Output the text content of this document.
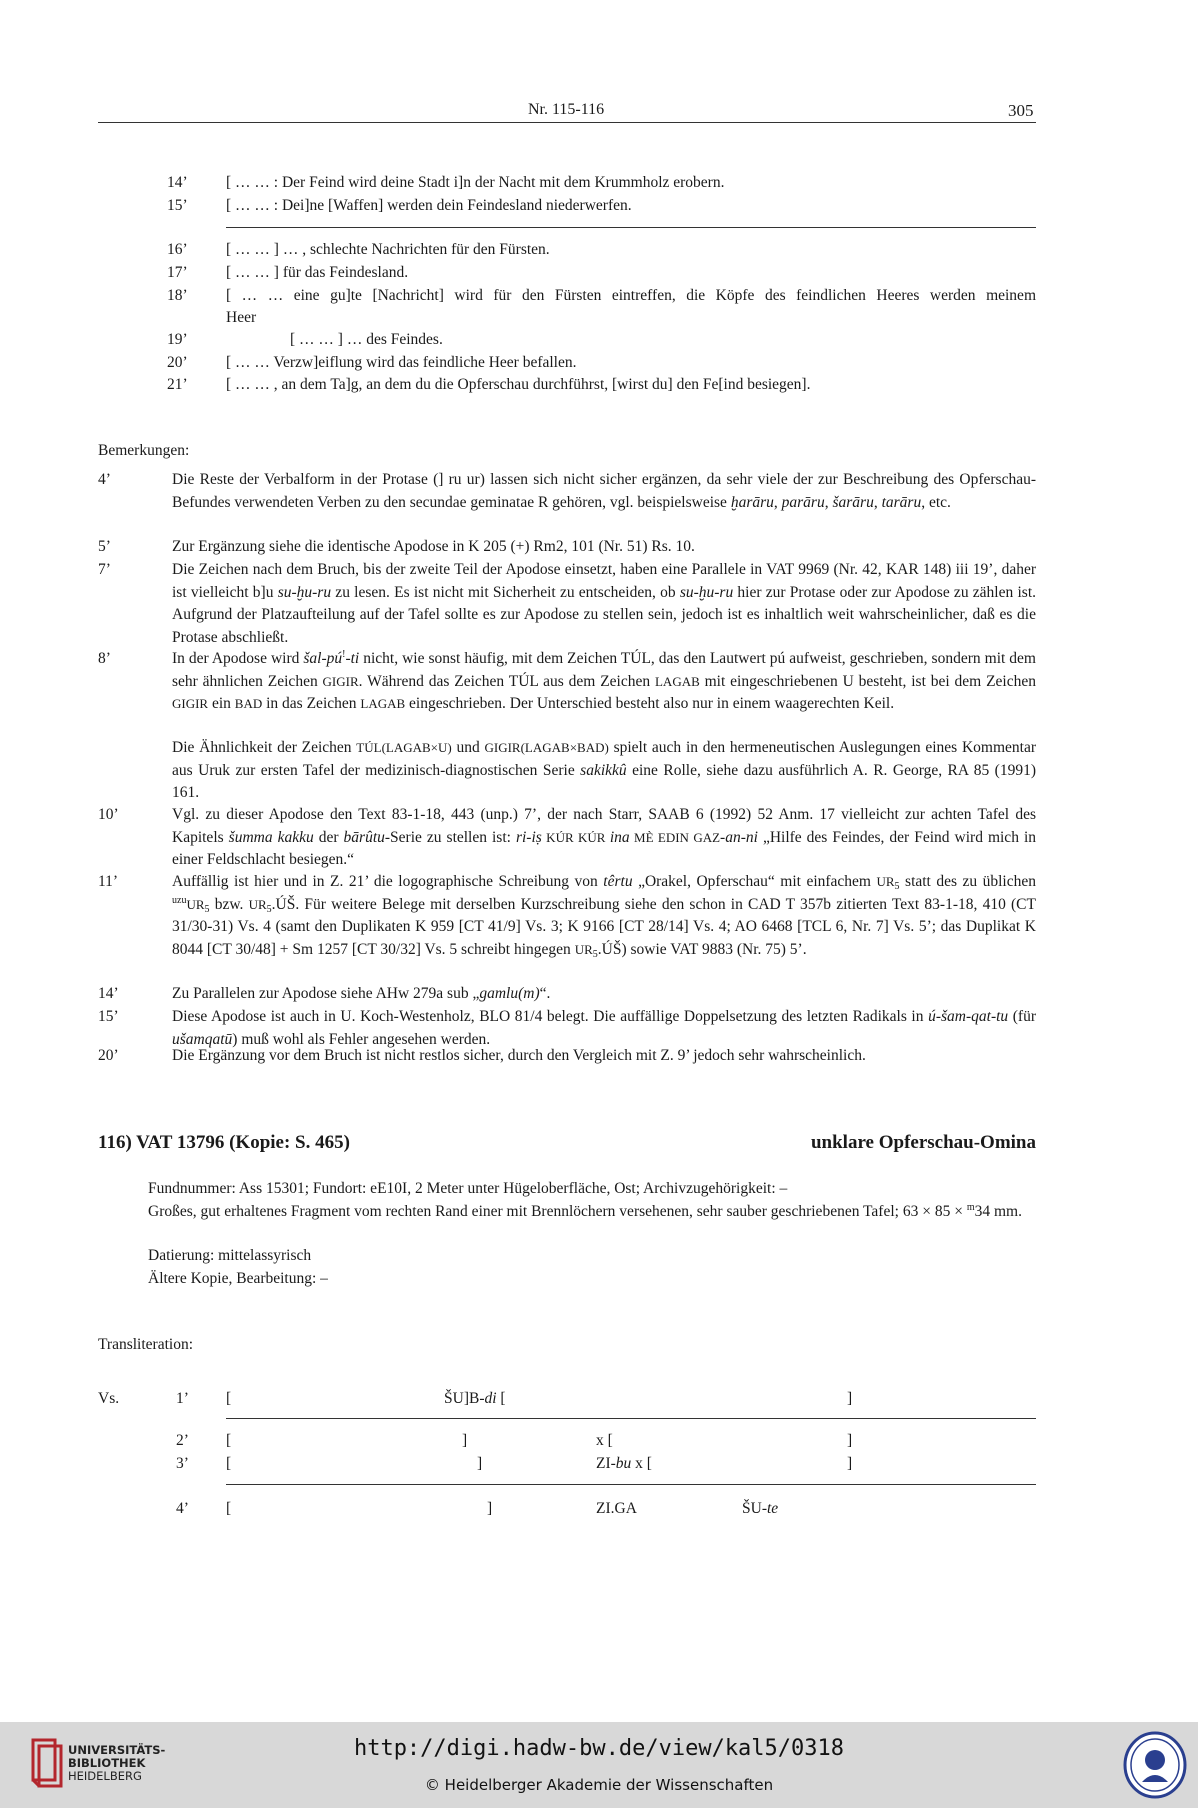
Nr. 115-116	305
14’ [ … … : Der Feind wird deine Stadt i]n der Nacht mit dem Krummholz erobern.
15’ [ … … : Dei]ne [Waffen] werden dein Feindesland niederwerfen.
16’ [ … … ] … , schlechte Nachrichten für den Fürsten.
17’ [ … … ] für das Feindesland.
18’ [ … … eine gu]te [Nachricht] wird für den Fürsten eintreffen, die Köpfe des feindlichen Heeres werden meinem
Heer
19’	[ … … ] … des Feindes.
20’ [ … … Verzw]eiflung wird das feindliche Heer befallen.
21’ [ … … , an dem Ta]g, an dem du die Opferschau durchführst, [wirst du] den Fe[ind besiegen].
Bemerkungen:
4’	Die Reste der Verbalform in der Protase (] ru ur) lassen sich nicht sicher ergänzen, da sehr viele der zur Beschreibung des Opferschau-Befundes verwendeten Verben zu den secundae geminatae R gehören, vgl. beispielsweise ḫarāru, parāru, šarāru, tarāru, etc.
5’	Zur Ergänzung siehe die identische Apodose in K 205 (+) Rm2, 101 (Nr. 51) Rs. 10.
7’	Die Zeichen nach dem Bruch, bis der zweite Teil der Apodose einsetzt, haben eine Parallele in VAT 9969 (Nr. 42, KAR 148) iii 19’, daher ist vielleicht b]u su-ḫu-ru zu lesen. Es ist nicht mit Sicherheit zu entscheiden, ob su-ḫu-ru hier zur Protase oder zur Apodose zu zählen ist. Aufgrund der Platzaufteilung auf der Tafel sollte es zur Apodose zu stellen sein, jedoch ist es inhaltlich weit wahrscheinlicher, daß es die Protase abschließt.
8’	In der Apodose wird šal-pú!-ti nicht, wie sonst häufig, mit dem Zeichen TÚL, das den Lautwert pú aufweist, geschrieben, sondern mit dem sehr ähnlichen Zeichen GIGIR. Während das Zeichen TÚL aus dem Zeichen LAGAB mit eingeschriebenen U besteht, ist bei dem Zeichen GIGIR ein BAD in das Zeichen LAGAB eingeschrieben. Der Unterschied besteht also nur in einem waagerechten Keil.
Die Ähnlichkeit der Zeichen TÚL(LAGAB×U) und GIGIR(LAGAB×BAD) spielt auch in den hermeneutischen Auslegungen eines Kommentar aus Uruk zur ersten Tafel der medizinisch-diagnostischen Serie sakikkû eine Rolle, siehe dazu ausführlich A. R. George, RA 85 (1991) 161.
10’	Vgl. zu dieser Apodose den Text 83-1-18, 443 (unp.) 7’, der nach Starr, SAAB 6 (1992) 52 Anm. 17 vielleicht zur achten Tafel des Kapitels šumma kakku der bārûtu-Serie zu stellen ist: ri-iṣ KÚR KÚR ina MÈ EDIN GAZ-an-ni „Hilfe des Feindes, der Feind wird mich in einer Feldschlacht besiegen.“
11’	Auffällig ist hier und in Z. 21’ die logographische Schreibung von têrtu „Orakel, Opferschau“ mit einfachem $UR_5$ statt des zu üblichen $^{uzu}UR_5$ bzw. $UR_5.ÚŠ$. Für weitere Belege mit derselben Kurzschreibung siehe den schon in CAD T 357b zitierten Text 83-1-18, 410 (CT 31/30-31) Vs. 4 (samt den Duplikaten K 959 [CT 41/9] Vs. 3; K 9166 [CT 28/14] Vs. 4; AO 6468 [TCL 6, Nr. 7] Vs. 5’; das Duplikat K 8044 [CT 30/48] + Sm 1257 [CT 30/32] Vs. 5 schreibt hingegen $UR_5.ÚŠ$) sowie VAT 9883 (Nr. 75) 5’.
14’	Zu Parallelen zur Apodose siehe AHw 279a sub „gamlu(m)“.
15’	Diese Apodose ist auch in U. Koch-Westenholz, BLO 81/4 belegt. Die auffällige Doppelsetzung des letzten Radikals in ú-šam-qat-tu (für ušamqatū) muß wohl als Fehler angesehen werden.
20’	Die Ergänzung vor dem Bruch ist nicht restlos sicher, durch den Vergleich mit Z. 9’ jedoch sehr wahrscheinlich.
116) VAT 13796 (Kopie: S. 465)	unklare Opferschau-Omina
Fundnummer: Ass 15301; Fundort: eE10I, 2 Meter unter Hügeloberfläche, Ost; Archivzugehörigkeit: –
Großes, gut erhaltenes Fragment vom rechten Rand einer mit Brennlöchern versehenen, sehr sauber geschriebenen Tafel; 63 × 85 × $^m$34 mm.
Datierung: mittelassyrisch
Ältere Kopie, Bearbeitung: –
Transliteration:
Vs.	1’ [	ŠU]B-di [	]
2’ [	]	x [	]
3’ [	]	ZI-bu x [	]
4’ [	]	ZI.GA	ŠU-te
UNIVERSITÄTS-
BIBLIOTHEK
HEIDELBERG
http://digi.hadw-bw.de/view/kal5/0318
© Heidelberger Akademie der Wissenschaften
